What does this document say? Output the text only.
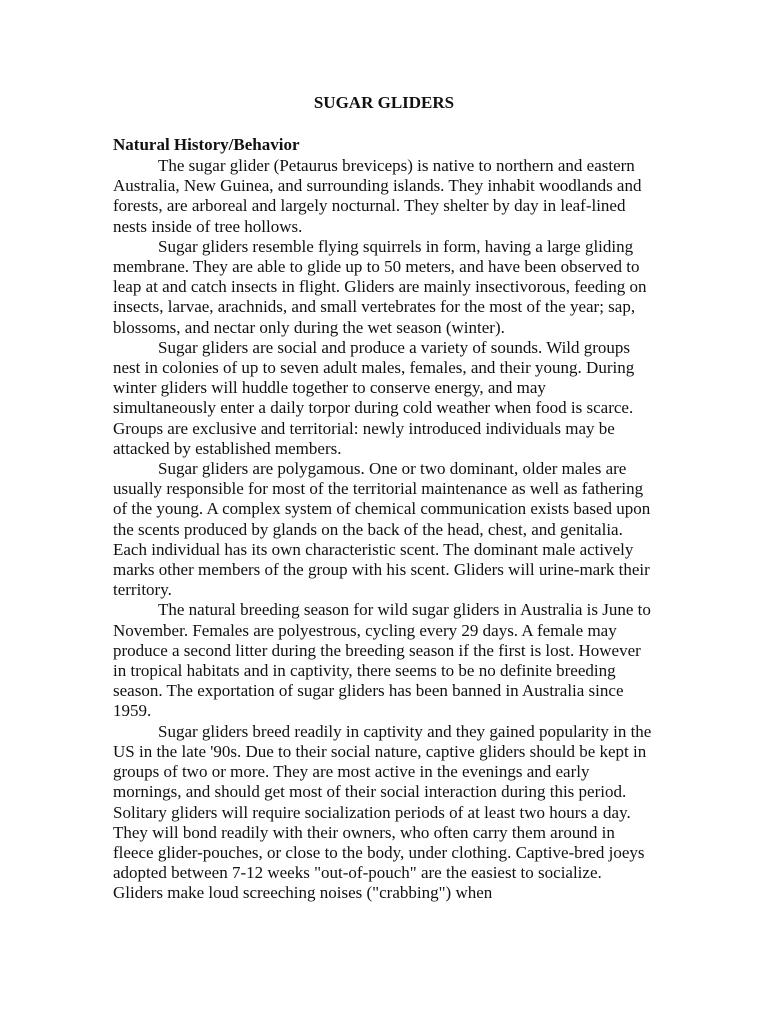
SUGAR GLIDERS
Natural History/Behavior

The sugar glider (Petaurus breviceps) is native to northern and eastern Australia, New Guinea, and surrounding islands. They inhabit woodlands and forests, are arboreal and largely nocturnal. They shelter by day in leaf-lined nests inside of tree hollows.

Sugar gliders resemble flying squirrels in form, having a large gliding membrane. They are able to glide up to 50 meters, and have been observed to leap at and catch insects in flight. Gliders are mainly insectivorous, feeding on insects, larvae, arachnids, and small vertebrates for the most of the year; sap, blossoms, and nectar only during the wet season (winter).

Sugar gliders are social and produce a variety of sounds. Wild groups nest in colonies of up to seven adult males, females, and their young. During winter gliders will huddle together to conserve energy, and may simultaneously enter a daily torpor during cold weather when food is scarce. Groups are exclusive and territorial: newly introduced individuals may be attacked by established members.

Sugar gliders are polygamous. One or two dominant, older males are usually responsible for most of the territorial maintenance as well as fathering of the young. A complex system of chemical communication exists based upon the scents produced by glands on the back of the head, chest, and genitalia. Each individual has its own characteristic scent. The dominant male actively marks other members of the group with his scent. Gliders will urine-mark their territory.

The natural breeding season for wild sugar gliders in Australia is June to November. Females are polyestrous, cycling every 29 days. A female may produce a second litter during the breeding season if the first is lost. However in tropical habitats and in captivity, there seems to be no definite breeding season. The exportation of sugar gliders has been banned in Australia since 1959.

Sugar gliders breed readily in captivity and they gained popularity in the US in the late '90s. Due to their social nature, captive gliders should be kept in groups of two or more. They are most active in the evenings and early mornings, and should get most of their social interaction during this period. Solitary gliders will require socialization periods of at least two hours a day. They will bond readily with their owners, who often carry them around in fleece glider-pouches, or close to the body, under clothing. Captive-bred joeys adopted between 7-12 weeks "out-of-pouch" are the easiest to socialize. Gliders make loud screeching noises ("crabbing") when
